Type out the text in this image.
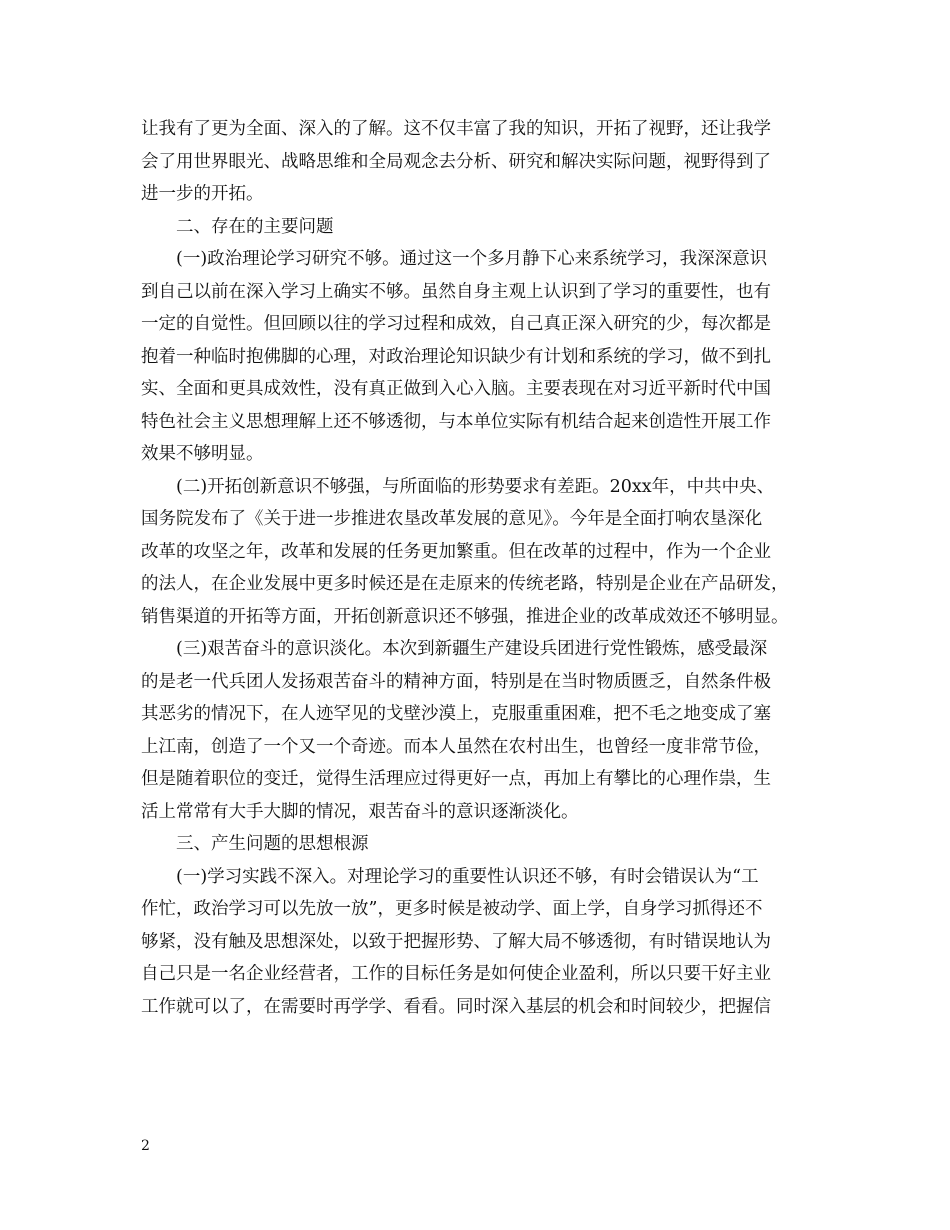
让我有了更为全面、深入的了解。这不仅丰富了我的知识，开拓了视野，还让我学
会了用世界眼光、战略思维和全局观念去分析、研究和解决实际问题，视野得到了
进一步的开拓。
二、存在的主要问题
(一)政治理论学习研究不够。通过这一个多月静下心来系统学习，我深深意识
到自己以前在深入学习上确实不够。虽然自身主观上认识到了学习的重要性，也有
一定的自觉性。但回顾以往的学习过程和成效，自己真正深入研究的少，每次都是
抱着一种临时抱佛脚的心理，对政治理论知识缺少有计划和系统的学习，做不到扎
实、全面和更具成效性，没有真正做到入心入脑。主要表现在对习近平新时代中国
特色社会主义思想理解上还不够透彻，与本单位实际有机结合起来创造性开展工作
效果不够明显。
(二)开拓创新意识不够强，与所面临的形势要求有差距。20xx年，中共中央、
国务院发布了《关于进一步推进农垦改革发展的意见》。今年是全面打响农垦深化
改革的攻坚之年，改革和发展的任务更加繁重。但在改革的过程中，作为一个企业
的法人，在企业发展中更多时候还是在走原来的传统老路，特别是企业在产品研发，
销售渠道的开拓等方面，开拓创新意识还不够强，推进企业的改革成效还不够明显。
(三)艰苦奋斗的意识淡化。本次到新疆生产建设兵团进行党性锻炼，感受最深
的是老一代兵团人发扬艰苦奋斗的精神方面，特别是在当时物质匮乏，自然条件极
其恶劣的情况下，在人迹罕见的戈壁沙漠上，克服重重困难，把不毛之地变成了塞
上江南，创造了一个又一个奇迹。而本人虽然在农村出生，也曾经一度非常节俭，
但是随着职位的变迁，觉得生活理应过得更好一点，再加上有攀比的心理作祟，生
活上常常有大手大脚的情况，艰苦奋斗的意识逐渐淡化。
三、产生问题的思想根源
(一)学习实践不深入。对理论学习的重要性认识还不够，有时会错误认为“工
作忙，政治学习可以先放一放”，更多时候是被动学、面上学，自身学习抓得还不
够紧，没有触及思想深处，以致于把握形势、了解大局不够透彻，有时错误地认为
自己只是一名企业经营者，工作的目标任务是如何使企业盈利，所以只要干好主业
工作就可以了，在需要时再学学、看看。同时深入基层的机会和时间较少，把握信
2
